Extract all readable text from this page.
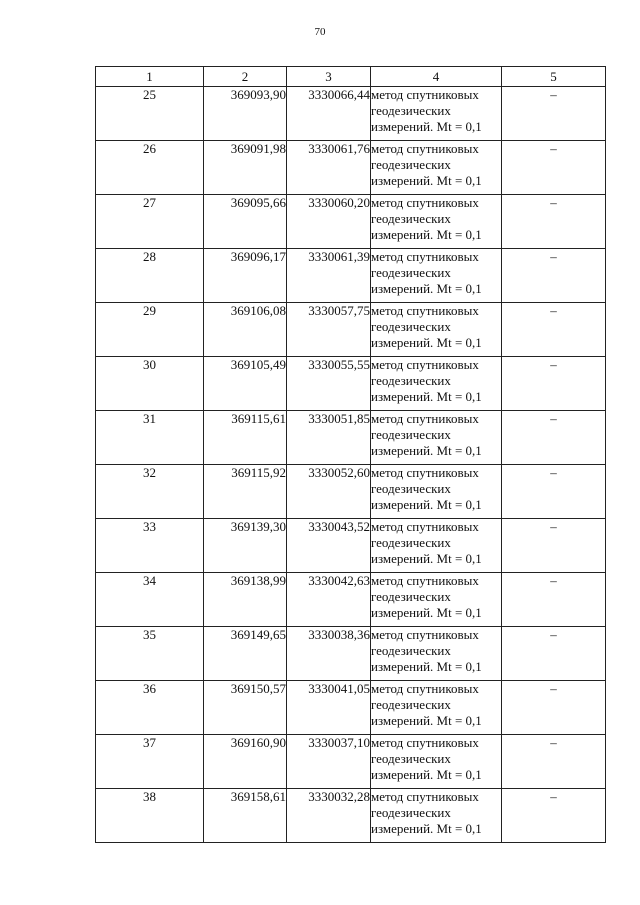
70
1	2	3	4	5
25	369093,90	3330066,44	метод спутниковых геодезических измерений. Mt = 0,1	–
26	369091,98	3330061,76	метод спутниковых геодезических измерений. Mt = 0,1	–
27	369095,66	3330060,20	метод спутниковых геодезических измерений. Mt = 0,1	–
28	369096,17	3330061,39	метод спутниковых геодезических измерений. Mt = 0,1	–
29	369106,08	3330057,75	метод спутниковых геодезических измерений. Mt = 0,1	–
30	369105,49	3330055,55	метод спутниковых геодезических измерений. Mt = 0,1	–
31	369115,61	3330051,85	метод спутниковых геодезических измерений. Mt = 0,1	–
32	369115,92	3330052,60	метод спутниковых геодезических измерений. Mt = 0,1	–
33	369139,30	3330043,52	метод спутниковых геодезических измерений. Mt = 0,1	–
34	369138,99	3330042,63	метод спутниковых геодезических измерений. Mt = 0,1	–
35	369149,65	3330038,36	метод спутниковых геодезических измерений. Mt = 0,1	–
36	369150,57	3330041,05	метод спутниковых геодезических измерений. Mt = 0,1	–
37	369160,90	3330037,10	метод спутниковых геодезических измерений. Mt = 0,1	–
38	369158,61	3330032,28	метод спутниковых геодезических измерений. Mt = 0,1	–
